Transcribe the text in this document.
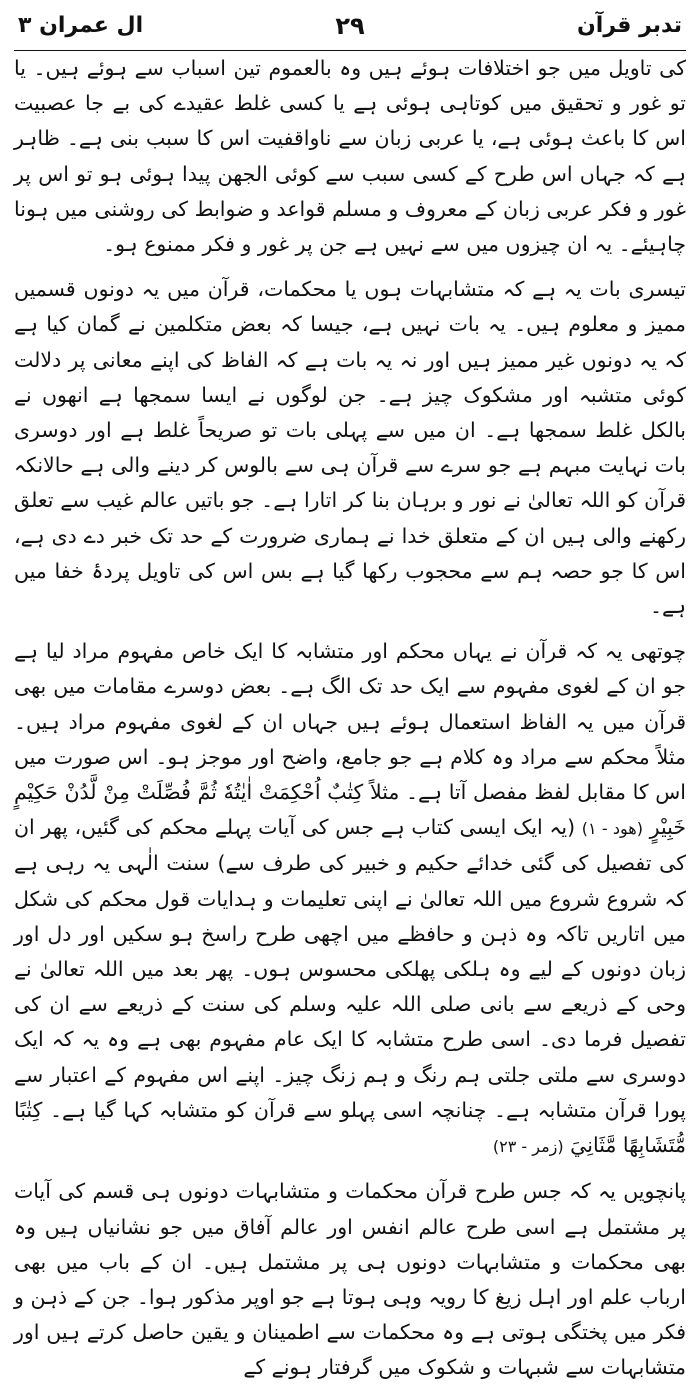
تدبر قرآن
۲۹
ال عمران ۳

کی تاویل میں جو اختلافات ہوئے ہیں وہ بالعموم تین اسباب سے ہوئے ہیں۔ یا تو غور و تحقیق میں کوتاہی ہوئی ہے یا کسی غلط عقیدے کی بے جا عصبیت اس کا باعث ہوئی ہے، یا عربی زبان سے ناواقفیت اس کا سبب بنی ہے۔ ظاہر ہے کہ جہاں اس طرح کے کسی سبب سے کوئی الجھن پیدا ہوئی ہو تو اس پر غور و فکر عربی زبان کے معروف و مسلم قواعد و ضوابط کی روشنی میں ہونا چاہیئے۔ یہ ان چیزوں میں سے نہیں ہے جن پر غور و فکر ممنوع ہو۔

تیسری بات یہ ہے کہ متشابہات ہوں یا محکمات، قرآن میں یہ دونوں قسمیں ممیز و معلوم ہیں۔ یہ بات نہیں ہے، جیسا کہ بعض متکلمین نے گمان کیا ہے کہ یہ دونوں غیر ممیز ہیں اور نہ یہ بات ہے کہ الفاظ کی اپنے معانی پر دلالت کوئی متشبہ اور مشکوک چیز ہے۔ جن لوگوں نے ایسا سمجھا ہے انھوں نے بالکل غلط سمجھا ہے۔ ان میں سے پہلی بات تو صریحاً غلط ہے اور دوسری بات نہایت مبہم ہے جو سرے سے قرآن ہی سے بالوس کر دینے والی ہے حالانکہ قرآن کو اللہ تعالیٰ نے نور و برہان بنا کر اتارا ہے۔ جو باتیں عالم غیب سے تعلق رکھنے والی ہیں ان کے متعلق خدا نے ہماری ضرورت کے حد تک خبر دے دی ہے، اس کا جو حصہ ہم سے محجوب رکھا گیا ہے بس اس کی تاویل پردۂ خفا میں ہے۔

چوتھی یہ کہ قرآن نے یہاں محکم اور متشابہ کا ایک خاص مفہوم مراد لیا ہے جو ان کے لغوی مفہوم سے ایک حد تک الگ ہے۔ بعض دوسرے مقامات میں بھی قرآن میں یہ الفاظ استعمال ہوئے ہیں جہاں ان کے لغوی مفہوم مراد ہیں۔ مثلاً محکم سے مراد وہ کلام ہے جو جامع، واضح اور موجز ہو۔ اس صورت میں اس کا مقابل لفظ مفصل آتا ہے۔ مثلاً كِتٰبٌ اُحْكِمَتْ اٰيٰتُهٗ ثُمَّ فُصِّلَتْ مِنْ لَّدُنْ حَكِيْمٍ خَبِيْرٍ (ھود - ۱) (یہ ایک ایسی کتاب ہے جس کی آیات پہلے محکم کی گئیں، پھر ان کی تفصیل کی گئی خدائے حکیم و خبیر کی طرف سے) سنت الٰہی یہ رہی ہے کہ شروع شروع میں اللہ تعالیٰ نے اپنی تعلیمات و ہدایات قول محکم کی شکل میں اتاریں تاکہ وہ ذہن و حافظے میں اچھی طرح راسخ ہو سکیں اور دل اور زبان دونوں کے لیے وہ ہلکی پھلکی محسوس ہوں۔ پھر بعد میں اللہ تعالیٰ نے وحی کے ذریعے سے بانی صلی اللہ علیہ وسلم کی سنت کے ذریعے سے ان کی تفصیل فرما دی۔ اسی طرح متشابہ کا ایک عام مفہوم بھی ہے وہ یہ کہ ایک دوسری سے ملتی جلتی ہم رنگ و ہم زنگ چیز۔ اپنے اس مفہوم کے اعتبار سے پورا قرآن متشابہ ہے۔ چنانچہ اسی پہلو سے قرآن کو متشابہ کہا گیا ہے۔ كِتٰبًا مُّتَشَابِهًا مَّثَانِيَ (زمر - ۲۳)

پانچویں یہ کہ جس طرح قرآن محکمات و متشابہات دونوں ہی قسم کی آیات پر مشتمل ہے اسی طرح عالم انفس اور عالم آفاق میں جو نشانیاں ہیں وہ بھی محکمات و متشابہات دونوں ہی پر مشتمل ہیں۔ ان کے باب میں بھی ارباب علم اور اہل زیغ کا رویہ وہی ہوتا ہے جو اوپر مذکور ہوا۔ جن کے ذہن و فکر میں پختگی ہوتی ہے وہ محکمات سے اطمینان و یقین حاصل کرتے ہیں اور متشابہات سے شبہات و شکوک میں گرفتار ہونے کے
